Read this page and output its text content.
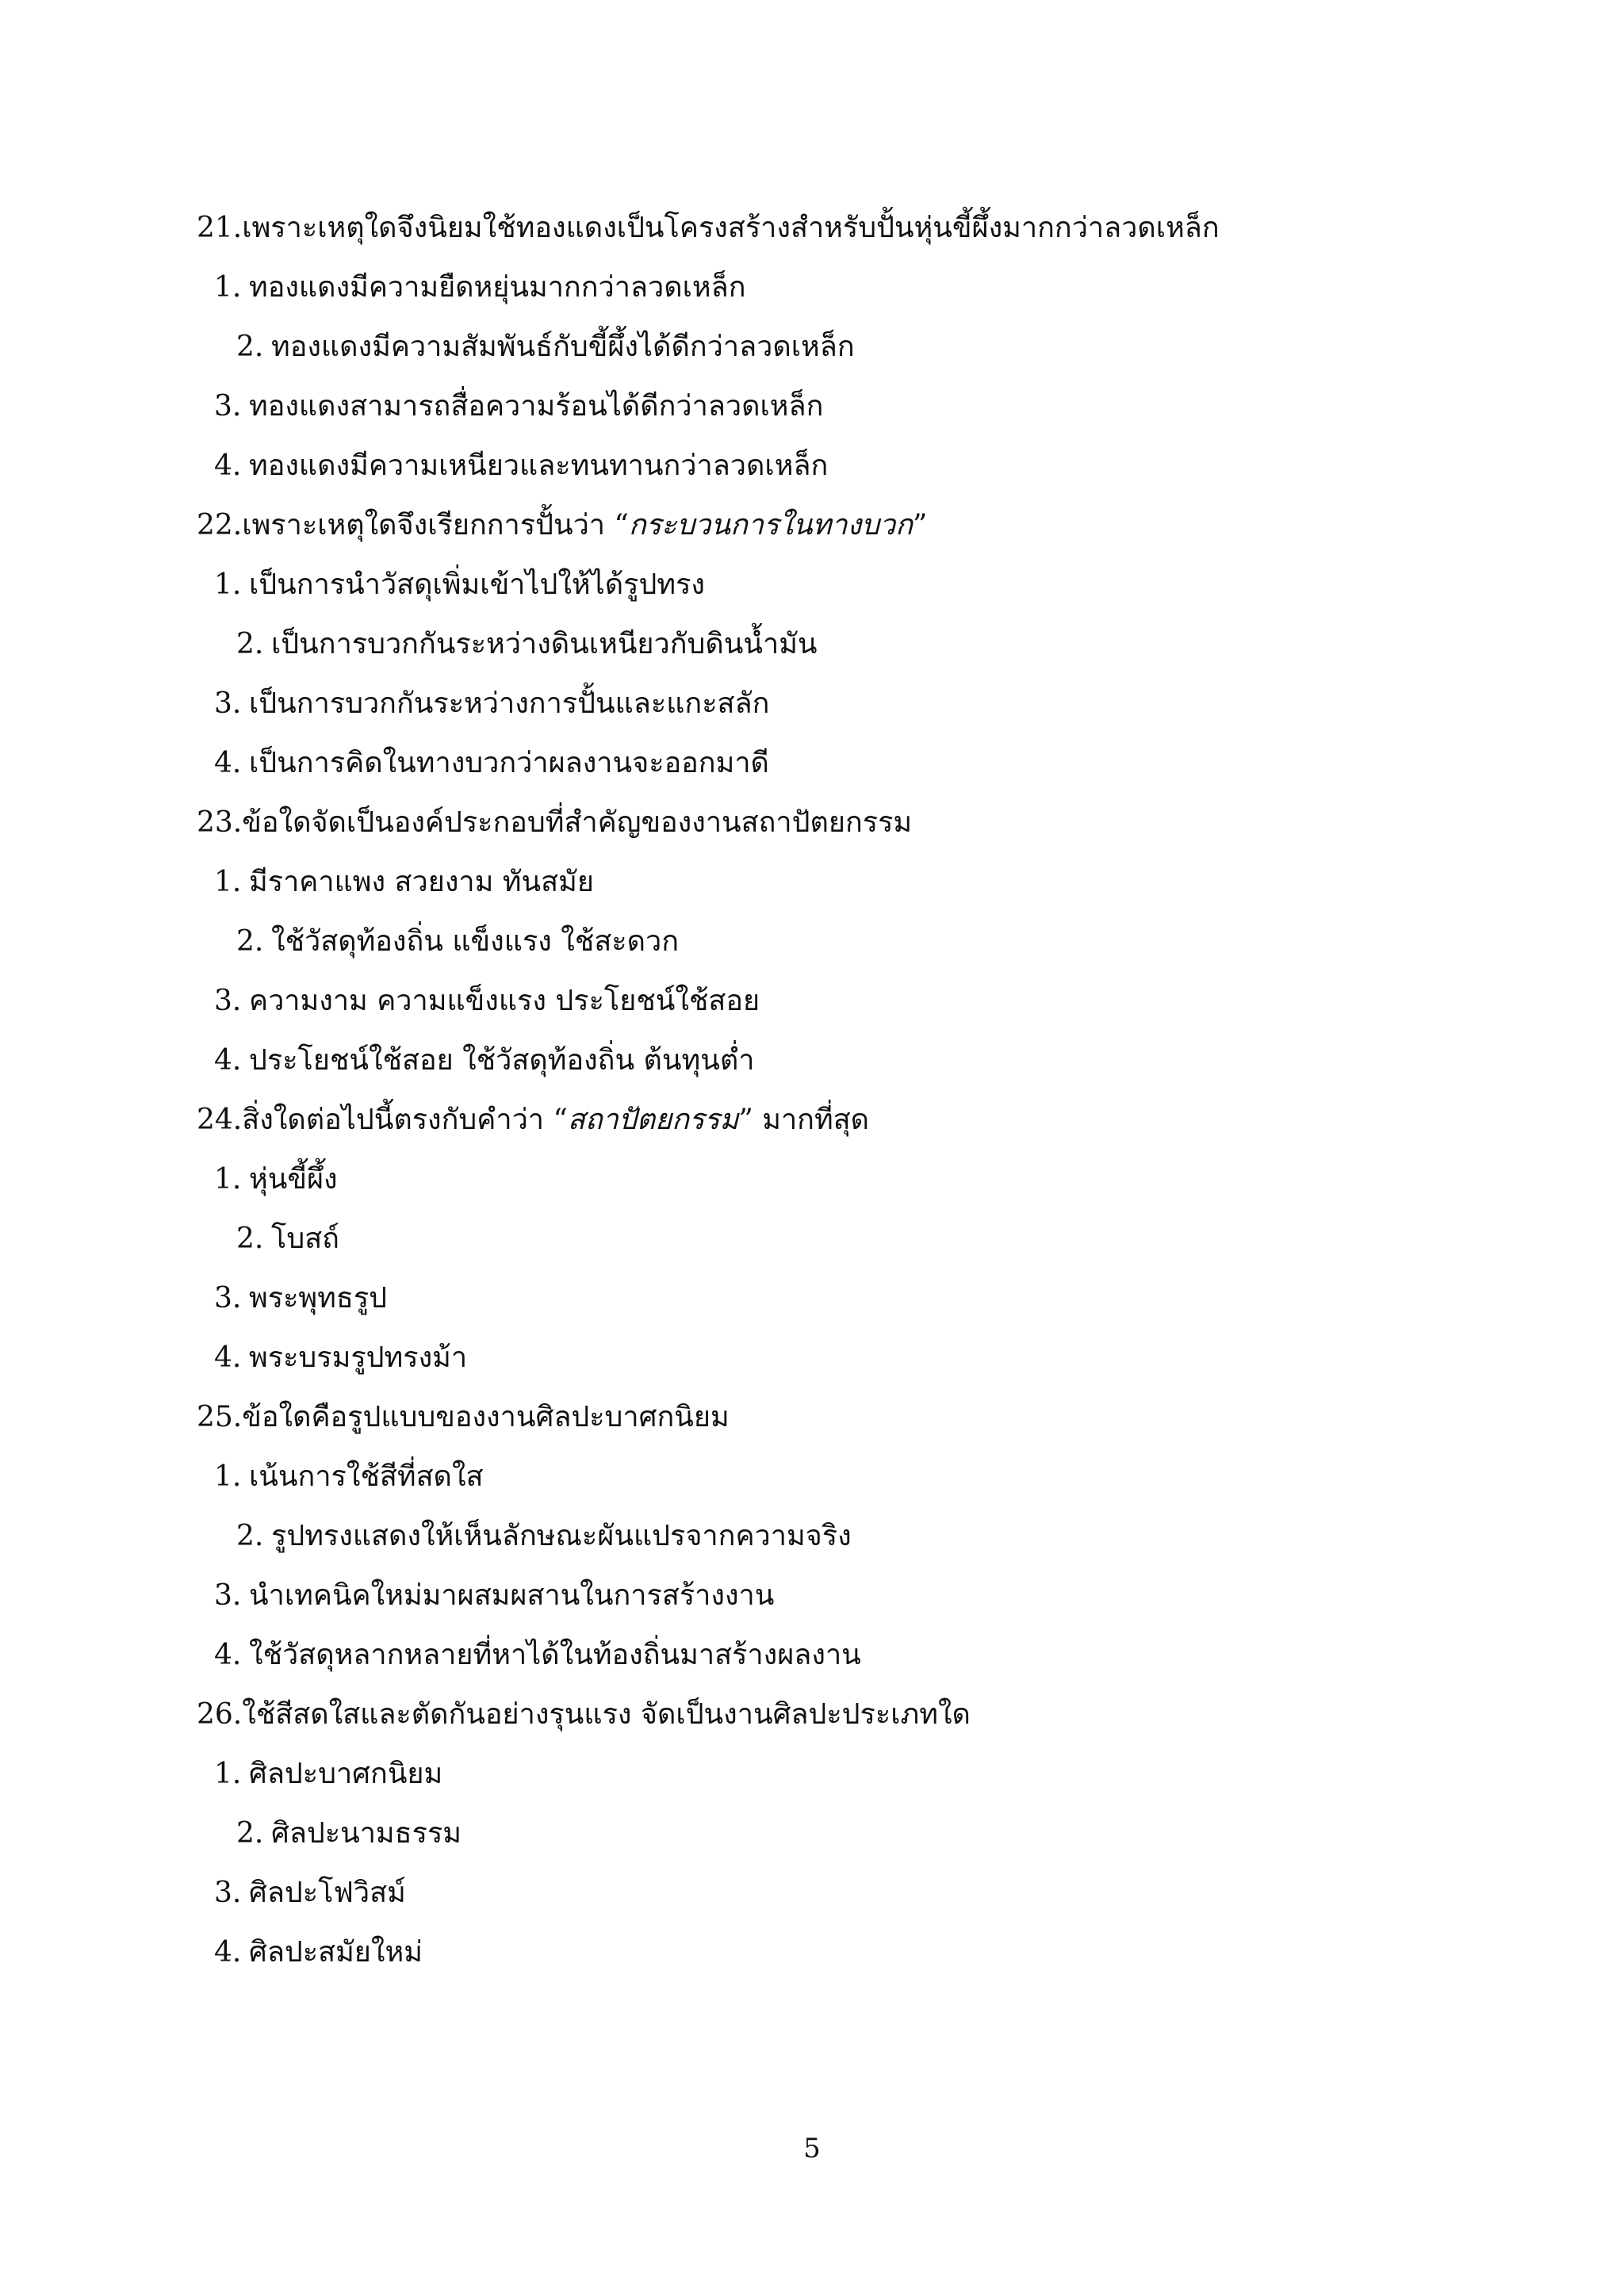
21.เพราะเหตุใดจึงนิยมใช้ทองแดงเป็นโครงสร้างสำหรับปั้นหุ่นขี้ผึ้งมากกว่าลวดเหล็ก
1. ทองแดงมีความยืดหยุ่นมากกว่าลวดเหล็ก
2. ทองแดงมีความสัมพันธ์กับขี้ผึ้งได้ดีกว่าลวดเหล็ก
3. ทองแดงสามารถสื่อความร้อนได้ดีกว่าลวดเหล็ก
4. ทองแดงมีความเหนียวและทนทานกว่าลวดเหล็ก
22.เพราะเหตุใดจึงเรียกการปั้นว่า “กระบวนการในทางบวก”
1. เป็นการนำวัสดุเพิ่มเข้าไปให้ได้รูปทรง
2. เป็นการบวกกันระหว่างดินเหนียวกับดินน้ำมัน
3. เป็นการบวกกันระหว่างการปั้นและแกะสลัก
4. เป็นการคิดในทางบวกว่าผลงานจะออกมาดี
23.ข้อใดจัดเป็นองค์ประกอบที่สำคัญของงานสถาปัตยกรรม
1. มีราคาแพง สวยงาม ทันสมัย
2. ใช้วัสดุท้องถิ่น แข็งแรง ใช้สะดวก
3. ความงาม ความแข็งแรง ประโยชน์ใช้สอย
4. ประโยชน์ใช้สอย ใช้วัสดุท้องถิ่น ต้นทุนต่ำ
24.สิ่งใดต่อไปนี้ตรงกับคำว่า “สถาปัตยกรรม” มากที่สุด
1. หุ่นขี้ผึ้ง
2. โบสถ์
3. พระพุทธรูป
4. พระบรมรูปทรงม้า
25.ข้อใดคือรูปแบบของงานศิลปะบาศกนิยม
1. เน้นการใช้สีที่สดใส
2. รูปทรงแสดงให้เห็นลักษณะผันแปรจากความจริง
3. นำเทคนิคใหม่มาผสมผสานในการสร้างงาน
4. ใช้วัสดุหลากหลายที่หาได้ในท้องถิ่นมาสร้างผลงาน
26.ใช้สีสดใสและตัดกันอย่างรุนแรง จัดเป็นงานศิลปะประเภทใด
1. ศิลปะบาศกนิยม
2. ศิลปะนามธรรม
3. ศิลปะโฟวิสม์
4. ศิลปะสมัยใหม่
5
